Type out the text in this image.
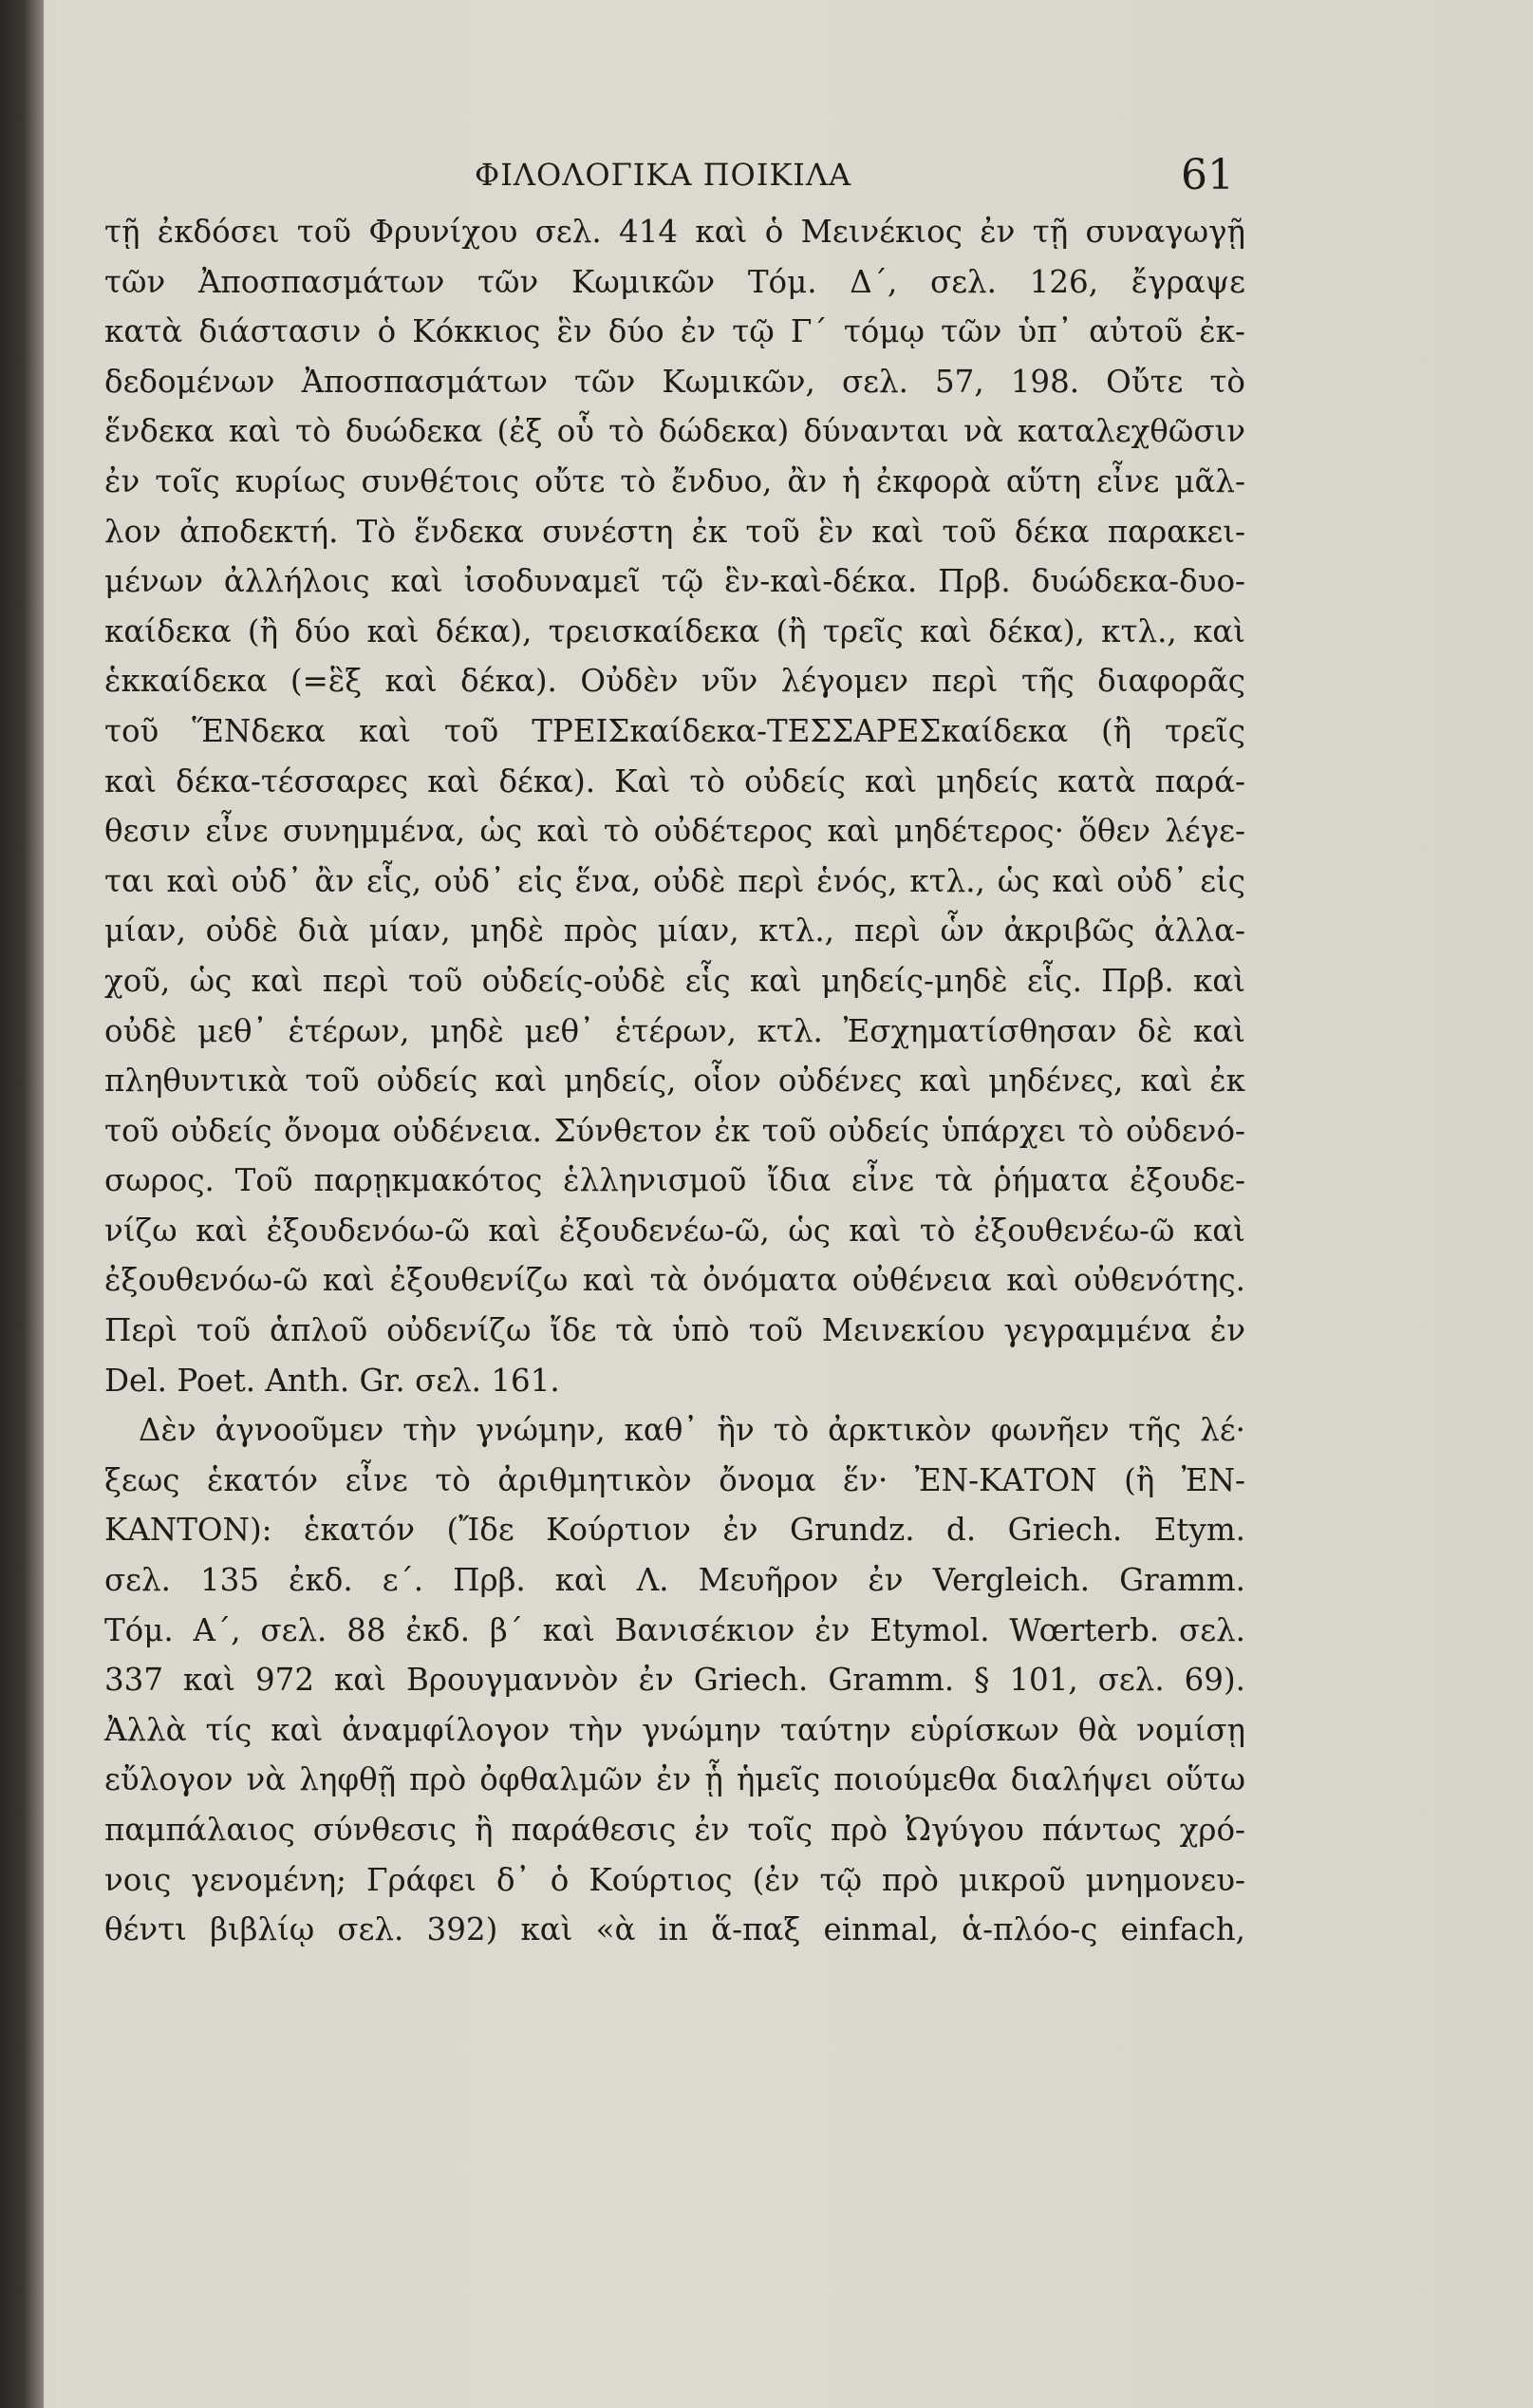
ΦΙΛΟΛΟΓΙΚΑ ΠΟΙΚΙΛΑ	61
τῇ ἐκδόσει τοῦ Φρυνίχου σελ. 414 καὶ ὁ Μεινέκιος ἐν τῇ συναγωγῇ
τῶν Ἀποσπασμάτων τῶν Κωμικῶν Τόμ. Δ΄, σελ. 126, ἔγραψε
κατὰ διάστασιν ὁ Κόκκιος ἓν δύο ἐν τῷ Γ΄ τόμῳ τῶν ὑπ᾽ αὐτοῦ ἐκ-
δεδομένων Ἀποσπασμάτων τῶν Κωμικῶν, σελ. 57, 198. Οὔτε τὸ
ἕνδεκα καὶ τὸ δυώδεκα (ἐξ οὗ τὸ δώδεκα) δύνανται νὰ καταλεχθῶσιν
ἐν τοῖς κυρίως συνθέτοις οὔτε τὸ ἔνδυο, ἂν ἡ ἐκφορὰ αὕτη εἶνε μᾶλ-
λον ἀποδεκτή. Τὸ ἕνδεκα συνέστη ἐκ τοῦ ἓν καὶ τοῦ δέκα παρακει-
μένων ἀλλήλοις καὶ ἰσοδυναμεῖ τῷ ἓν-καὶ-δέκα. Πρβ. δυώδεκα-δυο-
καίδεκα (ἢ δύο καὶ δέκα), τρεισκαίδεκα (ἢ τρεῖς καὶ δέκα), κτλ., καὶ
ἑκκαίδεκα (=ἓξ καὶ δέκα). Οὐδὲν νῦν λέγομεν περὶ τῆς διαφορᾶς
τοῦ ἝΝδεκα καὶ τοῦ ΤΡΕΙΣκαίδεκα-ΤΕΣΣΑΡΕΣκαίδεκα (ἢ τρεῖς
καὶ δέκα-τέσσαρες καὶ δέκα). Καὶ τὸ οὐδείς καὶ μηδείς κατὰ παρά-
θεσιν εἶνε συνημμένα, ὡς καὶ τὸ οὐδέτερος καὶ μηδέτερος· ὅθεν λέγε-
ται καὶ οὐδ᾽ ἂν εἷς, οὐδ᾽ εἰς ἕνα, οὐδὲ περὶ ἑνός, κτλ., ὡς καὶ οὐδ᾽ εἰς
μίαν, οὐδὲ διὰ μίαν, μηδὲ πρὸς μίαν, κτλ., περὶ ὧν ἀκριβῶς ἀλλα-
χοῦ, ὡς καὶ περὶ τοῦ οὐδείς-οὐδὲ εἷς καὶ μηδείς-μηδὲ εἷς. Πρβ. καὶ
οὐδὲ μεθ᾽ ἑτέρων, μηδὲ μεθ᾽ ἑτέρων, κτλ. Ἐσχηματίσθησαν δὲ καὶ
πληθυντικὰ τοῦ οὐδείς καὶ μηδείς, οἷον οὐδένες καὶ μηδένες, καὶ ἐκ
τοῦ οὐδείς ὄνομα οὐδένεια. Σύνθετον ἐκ τοῦ οὐδείς ὑπάρχει τὸ οὐδενό-
σωρος. Τοῦ παρῃκμακότος ἑλληνισμοῦ ἴδια εἶνε τὰ ῥήματα ἐξουδε-
νίζω καὶ ἐξουδενόω-ῶ καὶ ἐξουδενέω-ῶ, ὡς καὶ τὸ ἐξουθενέω-ῶ καὶ
ἐξουθενόω-ῶ καὶ ἐξουθενίζω καὶ τὰ ὀνόματα οὐθένεια καὶ οὐθενότης.
Περὶ τοῦ ἁπλοῦ οὐδενίζω ἴδε τὰ ὑπὸ τοῦ Μεινεκίου γεγραμμένα ἐν
Del. Poet. Anth. Gr. σελ. 161.
Δὲν ἀγνοοῦμεν τὴν γνώμην, καθ᾽ ἣν τὸ ἀρκτικὸν φωνῆεν τῆς λέ·
ξεως ἑκατόν εἶνε τὸ ἀριθμητικὸν ὄνομα ἕν· ἘΝ-ΚΑΤΟΝ (ἢ ἘΝ-
ΚΑΝΤΟΝ): ἑκατόν (Ἴδε Κούρτιον ἐν Grundz. d. Griech. Etym.
σελ. 135 ἐκδ. ε΄. Πρβ. καὶ Λ. Μευῆρον ἐν Vergleich. Gramm.
Τόμ. Α΄, σελ. 88 ἐκδ. β΄ καὶ Βανισέκιον ἐν Etymol. Wœrterb. σελ.
337 καὶ 972 καὶ Βρουγμαννὸν ἐν Griech. Gramm. § 101, σελ. 69).
Ἀλλὰ τίς καὶ ἀναμφίλογον τὴν γνώμην ταύτην εὑρίσκων θὰ νομίσῃ
εὔλογον νὰ ληφθῇ πρὸ ὀφθαλμῶν ἐν ᾗ ἡμεῖς ποιούμεθα διαλήψει οὕτω
παμπάλαιος σύνθεσις ἢ παράθεσις ἐν τοῖς πρὸ Ὠγύγου πάντως χρό-
νοις γενομένη; Γράφει δ᾽ ὁ Κούρτιος (ἐν τῷ πρὸ μικροῦ μνημονευ-
θέντι βιβλίῳ σελ. 392) καὶ «ὰ in ἅ-παξ einmal, ἁ-πλόο-ς einfach,
